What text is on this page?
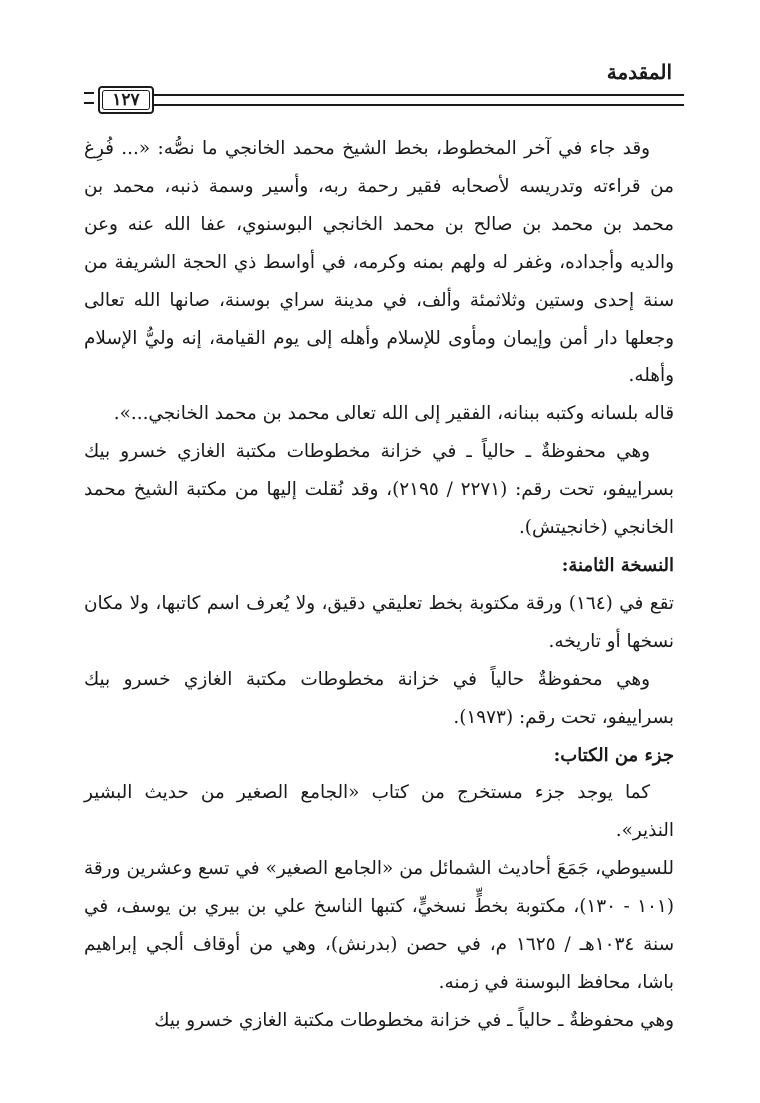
المقدمة
١٢٧

وقد جاء في آخر المخطوط، بخط الشيخ محمد الخانجي ما نصُّه: «... فُرِغ من قراءته وتدريسه لأصحابه فقير رحمة ربه، وأسير وسمة ذنبه، محمد بن محمد بن محمد بن صالح بن محمد الخانجي البوسنوي، عفا الله عنه وعن والديه وأجداده، وغفر له ولهم بمنه وكرمه، في أواسط ذي الحجة الشريفة من سنة إحدى وستين وثلاثمئة وألف، في مدينة سراي بوسنة، صانها الله تعالى وجعلها دار أمن وإيمان ومأوى للإسلام وأهله إلى يوم القيامة، إنه وليُّ الإسلام وأهله.

قاله بلسانه وكتبه ببنانه، الفقير إلى الله تعالى محمد بن محمد الخانجي...».

وهي محفوظةٌ ـ حالياً ـ في خزانة مخطوطات مكتبة الغازي خسرو بيك بسراييفو، تحت رقم: (٢٢٧١ / ٢١٩٥)، وقد نُقلت إليها من مكتبة الشيخ محمد الخانجي (خانجيتش).

النسخة الثامنة:

تقع في (١٦٤) ورقة مكتوبة بخط تعليقي دقيق، ولا يُعرف اسم كاتبها، ولا مكان نسخها أو تاريخه.

وهي محفوظةٌ حالياً في خزانة مخطوطات مكتبة الغازي خسرو بيك بسراييفو، تحت رقم: (١٩٧٣).

جزء من الكتاب:

كما يوجد جزء مستخرج من كتاب «الجامع الصغير من حديث البشير النذير».

للسيوطي، جَمَعَ أحاديث الشمائل من «الجامع الصغير» في تسع وعشرين ورقة (١٠١ - ١٣٠)، مكتوبة بخطٍّ نسخيٍّ، كتبها الناسخ علي بن بيري بن يوسف، في سنة ١٠٣٤هـ / ١٦٢٥ م، في حصن (بدرنش)، وهي من أوقاف ألجي إبراهيم باشا، محافظ البوسنة في زمنه.

وهي محفوظةٌ ـ حالياً ـ في خزانة مخطوطات مكتبة الغازي خسرو بيك
